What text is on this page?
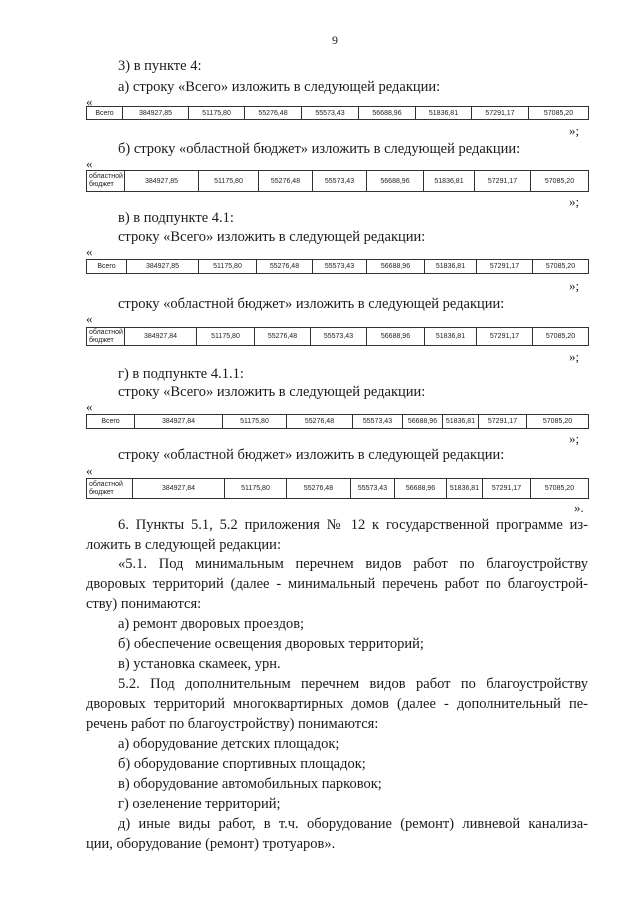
9
3) в пункте 4:
а) строку «Всего» изложить в следующей редакции:
«
Всего	384927,85	51175,80	55276,48	55573,43	56688,96	51836,81	57291,17	57085,20
»;
б) строку «областной бюджет» изложить в следующей редакции:
«
областной бюджет	384927,85	51175,80	55276,48	55573,43	56688,96	51836,81	57291,17	57085,20
»;
в) в подпункте 4.1:
строку «Всего» изложить в следующей редакции:
«
Всего	384927,85	51175,80	55276,48	55573,43	56688,96	51836,81	57291,17	57085,20
»;
строку «областной бюджет» изложить в следующей редакции:
«
областной бюджет	384927,84	51175,80	55276,48	55573,43	56688,96	51836,81	57291,17	57085,20
»;
г) в подпункте 4.1.1:
строку «Всего» изложить в следующей редакции:
«
Всего	384927,84	51175,80	55276,48	55573,43	56688,96	51836,81	57291,17	57085,20
»;
строку «областной бюджет» изложить в следующей редакции:
«
областной бюджет	384927,84	51175,80	55276,48	55573,43	56688,96	51836,81	57291,17	57085,20
».
6. Пункты 5.1, 5.2 приложения № 12 к государственной программе из-
ложить в следующей редакции:
«5.1. Под минимальным перечнем видов работ по благоустройству
дворовых территорий (далее - минимальный перечень работ по благоустрой-
ству) понимаются:
а) ремонт дворовых проездов;
б) обеспечение освещения дворовых территорий;
в) установка скамеек, урн.
5.2. Под дополнительным перечнем видов работ по благоустройству
дворовых территорий многоквартирных домов (далее - дополнительный пе-
речень работ по благоустройству) понимаются:
а) оборудование детских площадок;
б) оборудование спортивных площадок;
в) оборудование автомобильных парковок;
г) озеленение территорий;
д) иные виды работ, в т.ч. оборудование (ремонт) ливневой канализа-
ции, оборудование (ремонт) тротуаров».
